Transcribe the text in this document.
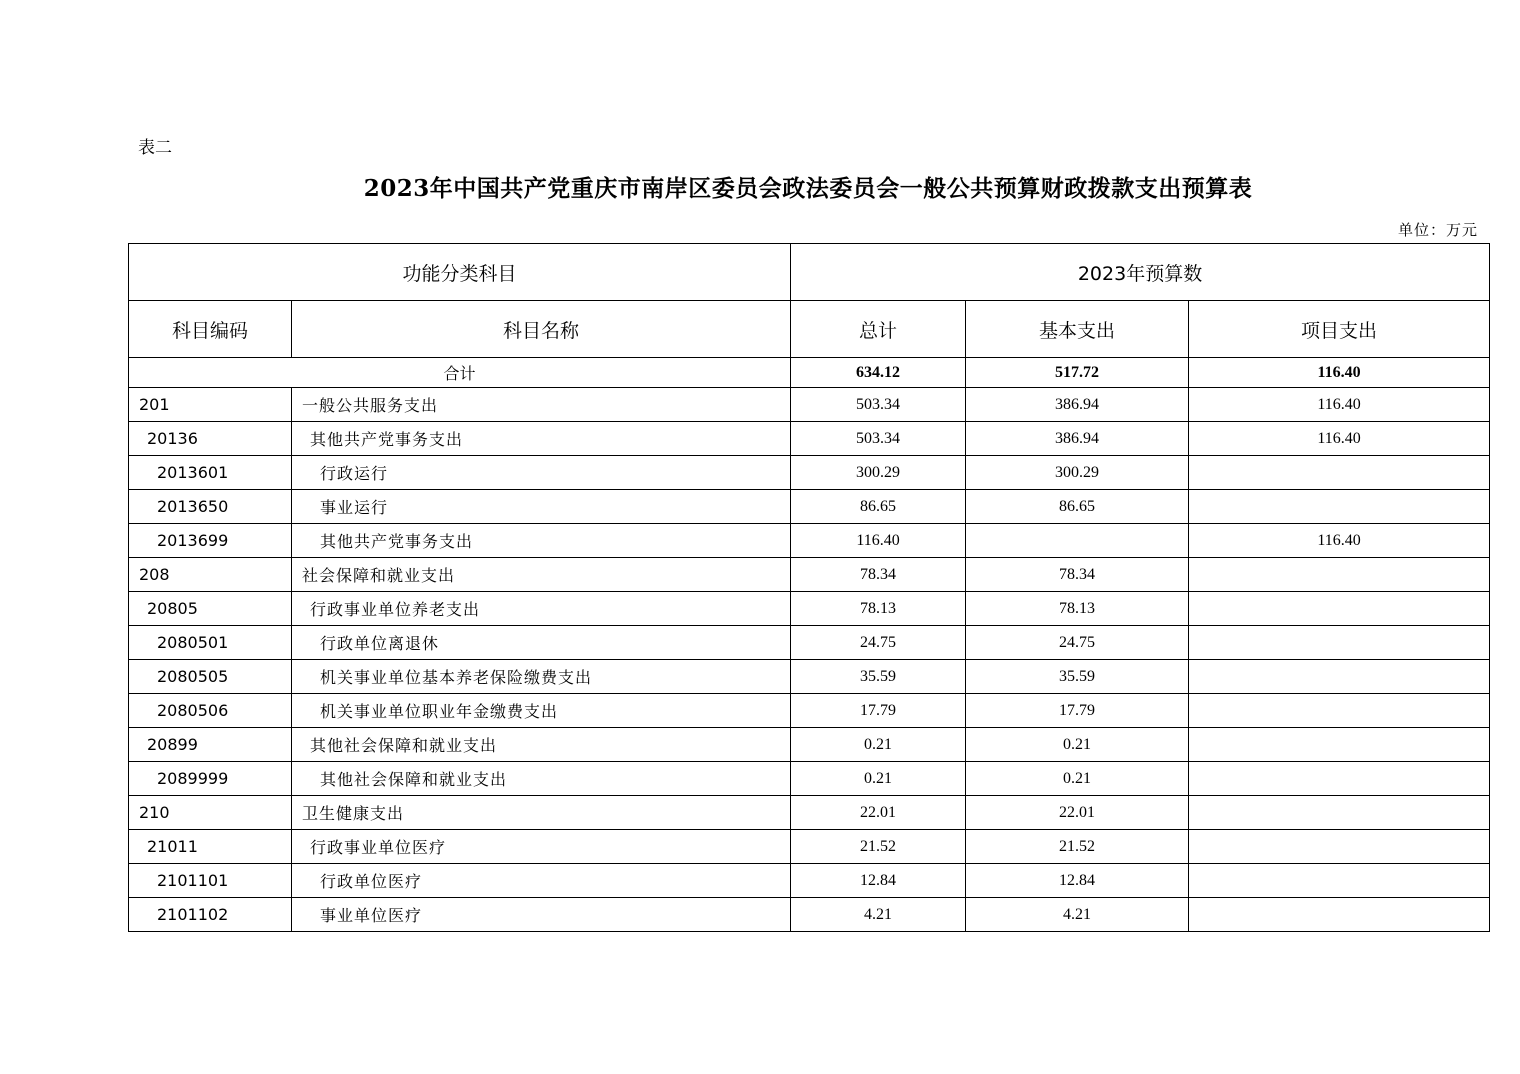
表二
2023年中国共产党重庆市南岸区委员会政法委员会一般公共预算财政拨款支出预算表
单位：万元
功能分类科目		2023年预算数		
科目编码	科目名称	总计	基本支出	项目支出
合计		634.12	517.72	116.40
201	一般公共服务支出	503.34	386.94	116.40
20136	其他共产党事务支出	503.34	386.94	116.40
2013601	行政运行	300.29	300.29	
2013650	事业运行	86.65	86.65	
2013699	其他共产党事务支出	116.40		116.40
208	社会保障和就业支出	78.34	78.34	
20805	行政事业单位养老支出	78.13	78.13	
2080501	行政单位离退休	24.75	24.75	
2080505	机关事业单位基本养老保险缴费支出	35.59	35.59	
2080506	机关事业单位职业年金缴费支出	17.79	17.79	
20899	其他社会保障和就业支出	0.21	0.21	
2089999	其他社会保障和就业支出	0.21	0.21	
210	卫生健康支出	22.01	22.01	
21011	行政事业单位医疗	21.52	21.52	
2101101	行政单位医疗	12.84	12.84	
2101102	事业单位医疗	4.21	4.21	
